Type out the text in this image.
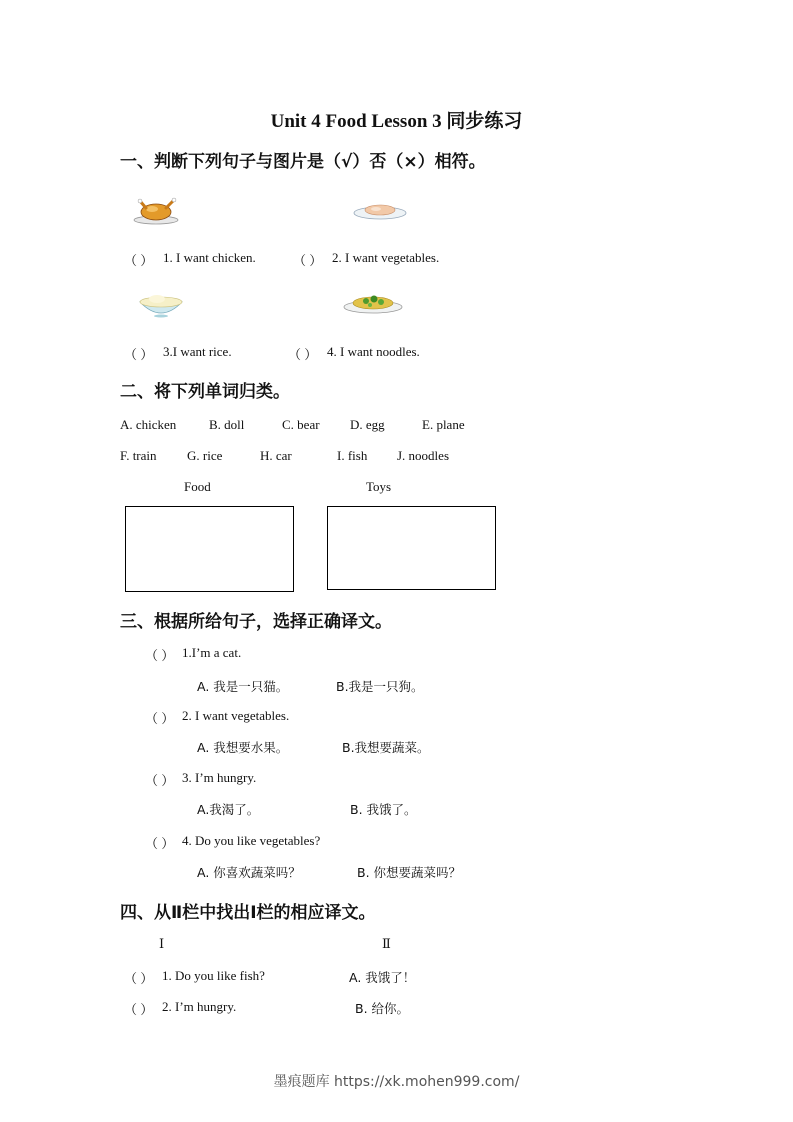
Unit 4 Food Lesson 3 同步练习
一、判断下列句子与图片是（√）否（×）相符。
（ ） 1. I want chicken.	（ ） 2. I want vegetables.
（ ） 3.I want rice.	（ ） 4. I want noodles.
二、将下列单词归类。
A. chicken	B. doll	C. bear D. egg	E. plane
F. train G. rice	H. car	I. fish J. noodles
Food	Toys
三、根据所给句子，选择正确译文。
（ ） 1.I’m a cat.
A. 我是一只猫。	B.我是一只狗。
（ ） 2. I want vegetables.
A. 我想要水果。	B.我想要蔬菜。
（ ） 3. I’m hungry.
A.我渴了。	B. 我饿了。
（ ） 4. Do you like vegetables?
A. 你喜欢蔬菜吗？	B. 你想要蔬菜吗？
四、从Ⅱ栏中找出Ⅰ栏的相应译文。
Ⅰ	Ⅱ
（ ） 1. Do you like fish?	A. 我饿了！
（ ） 2. I’m hungry.	B. 给你。
墨痕题库 https://xk.mohen999.com/
